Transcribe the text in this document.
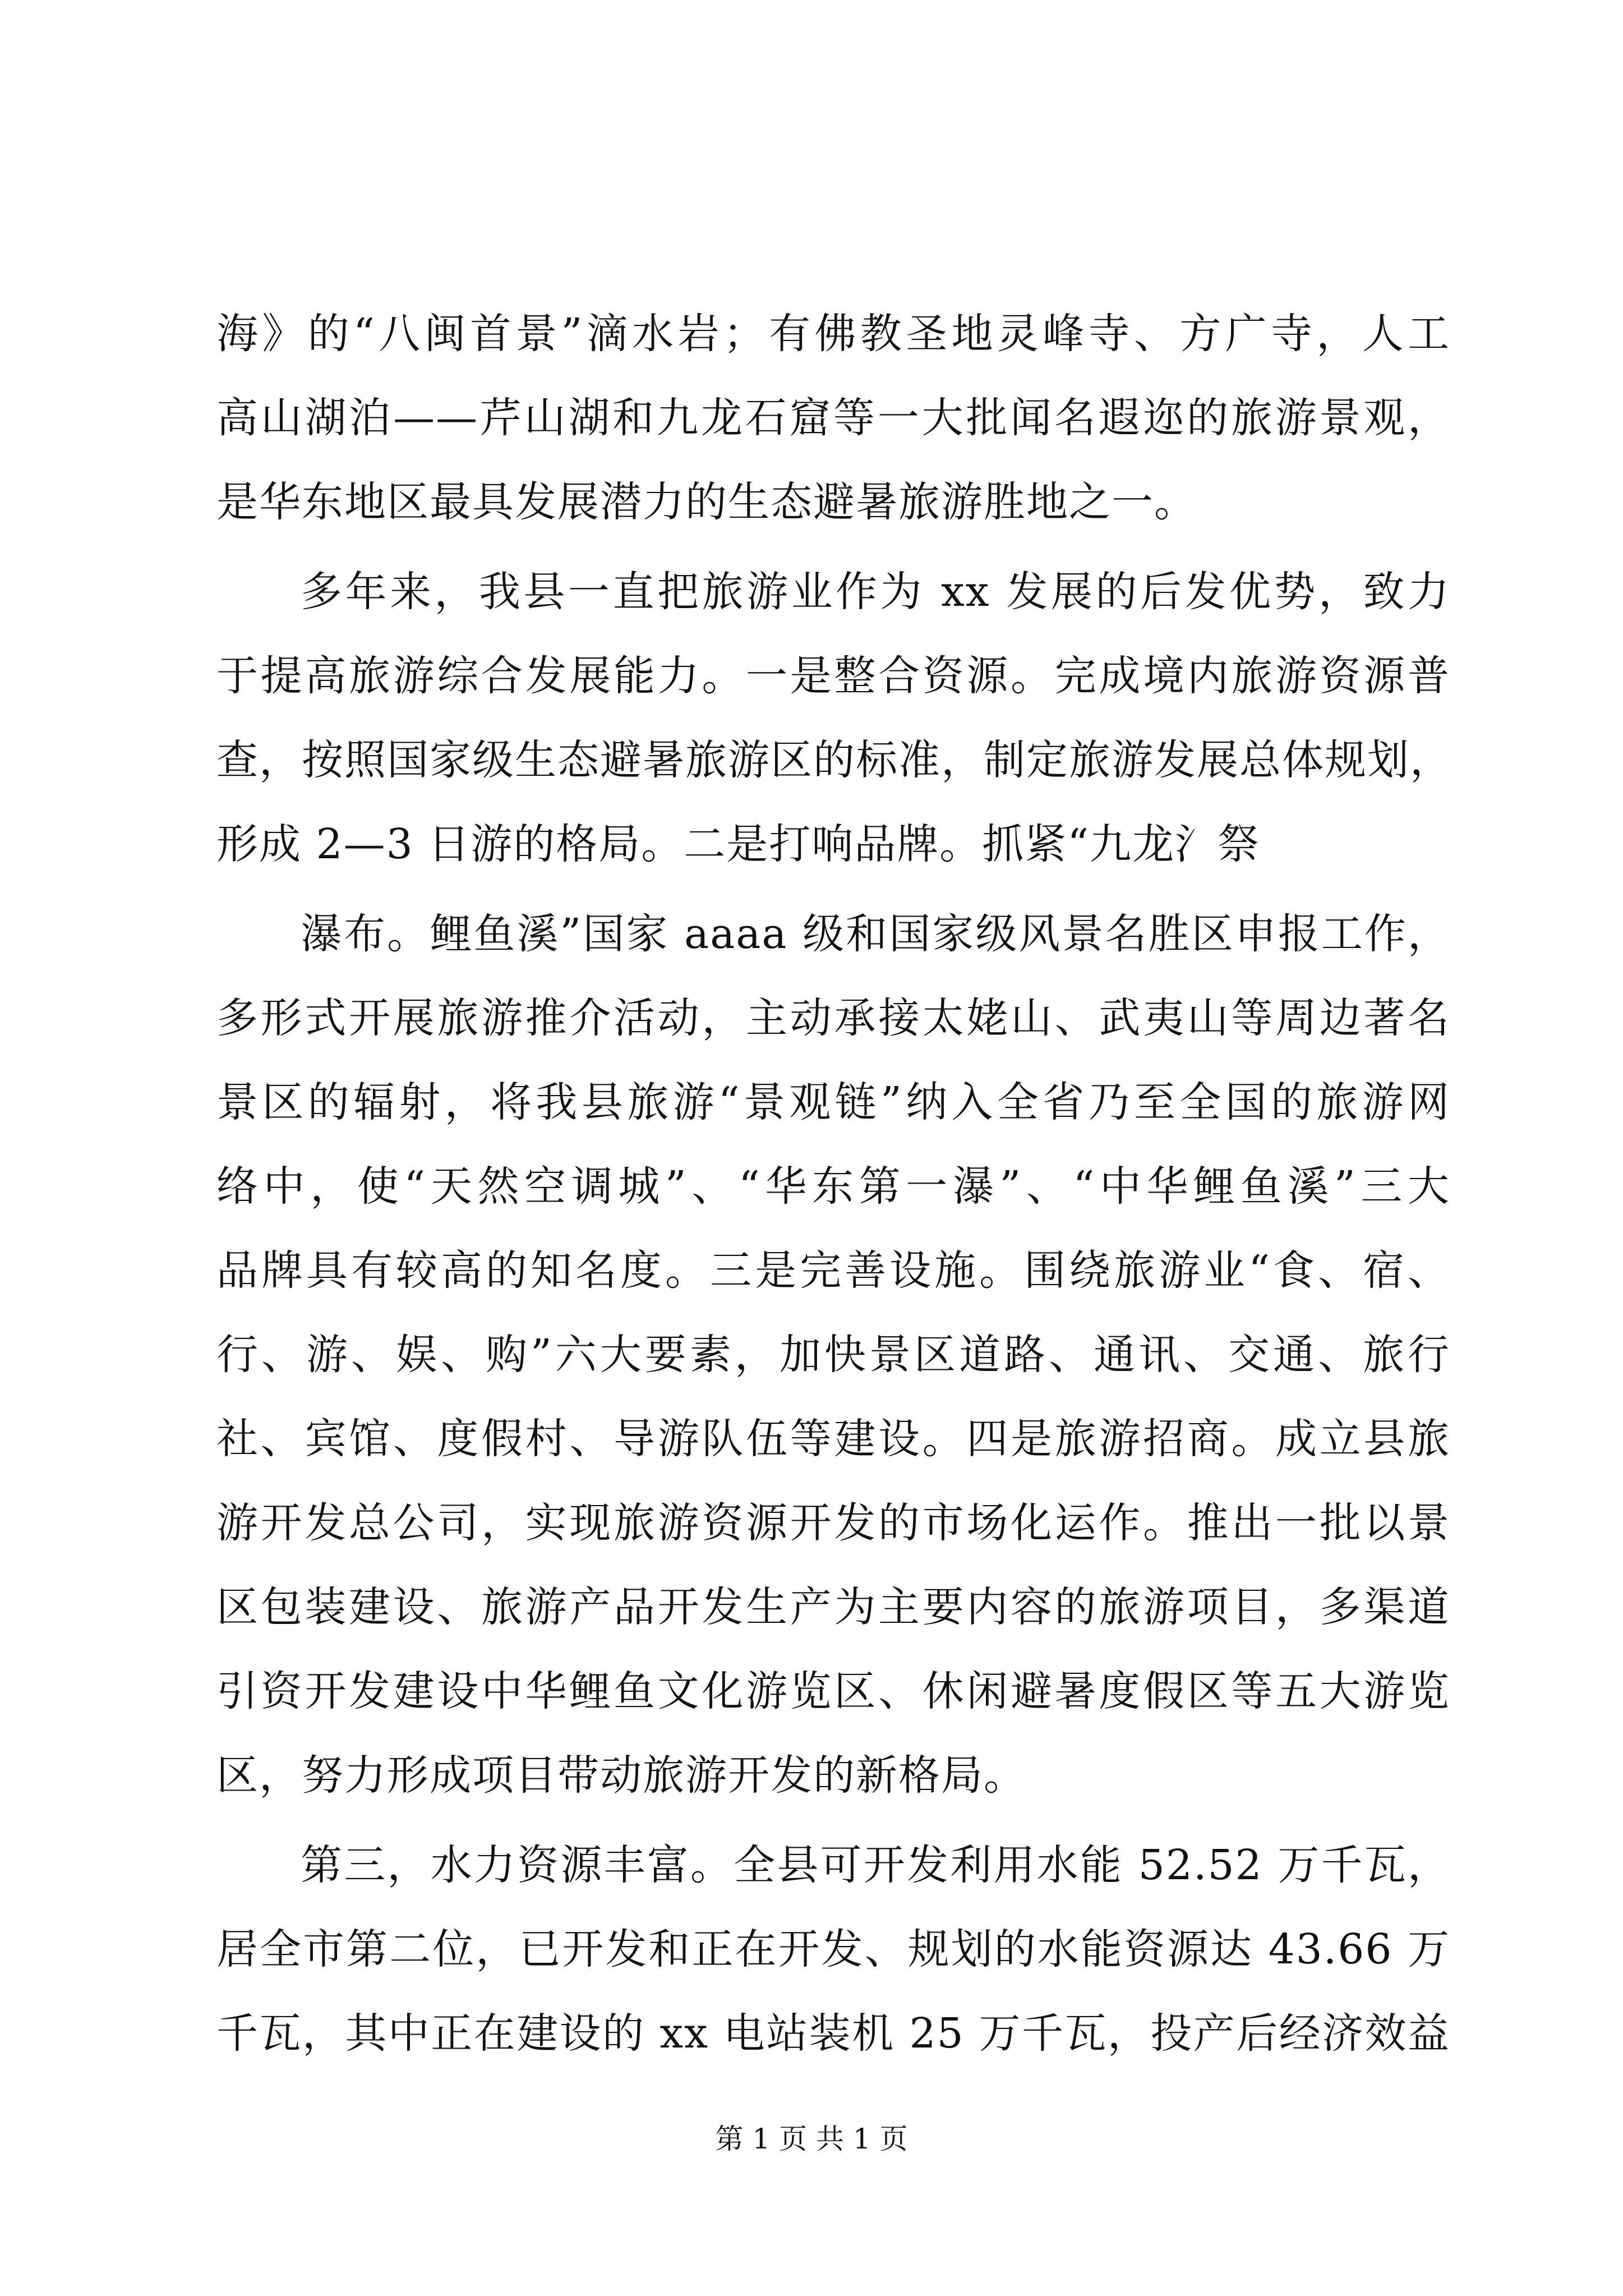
海》的“八闽首景”滴水岩；有佛教圣地灵峰寺、方广寺，人工
高山湖泊——芹山湖和九龙石窟等一大批闻名遐迩的旅游景观，
是华东地区最具发展潜力的生态避暑旅游胜地之一。
多年来，我县一直把旅游业作为 xx 发展的后发优势，致力
于提高旅游综合发展能力。一是整合资源。完成境内旅游资源普
查，按照国家级生态避暑旅游区的标准，制定旅游发展总体规划，
形成 2—3 日游的格局。二是打响品牌。抓紧“九龙氵祭
瀑布。鲤鱼溪”国家 aaaa 级和国家级风景名胜区申报工作，
多形式开展旅游推介活动，主动承接太姥山、武夷山等周边著名
景区的辐射，将我县旅游“景观链”纳入全省乃至全国的旅游网
络中，使“天然空调城”、“华东第一瀑”、“中华鲤鱼溪”三大
品牌具有较高的知名度。三是完善设施。围绕旅游业“食、宿、
行、游、娱、购”六大要素，加快景区道路、通讯、交通、旅行
社、宾馆、度假村、导游队伍等建设。四是旅游招商。成立县旅
游开发总公司，实现旅游资源开发的市场化运作。推出一批以景
区包装建设、旅游产品开发生产为主要内容的旅游项目，多渠道
引资开发建设中华鲤鱼文化游览区、休闲避暑度假区等五大游览
区，努力形成项目带动旅游开发的新格局。
第三，水力资源丰富。全县可开发利用水能 52.52 万千瓦，
居全市第二位，已开发和正在开发、规划的水能资源达 43.66 万
千瓦，其中正在建设的 xx 电站装机 25 万千瓦，投产后经济效益
第 1 页 共 1 页
